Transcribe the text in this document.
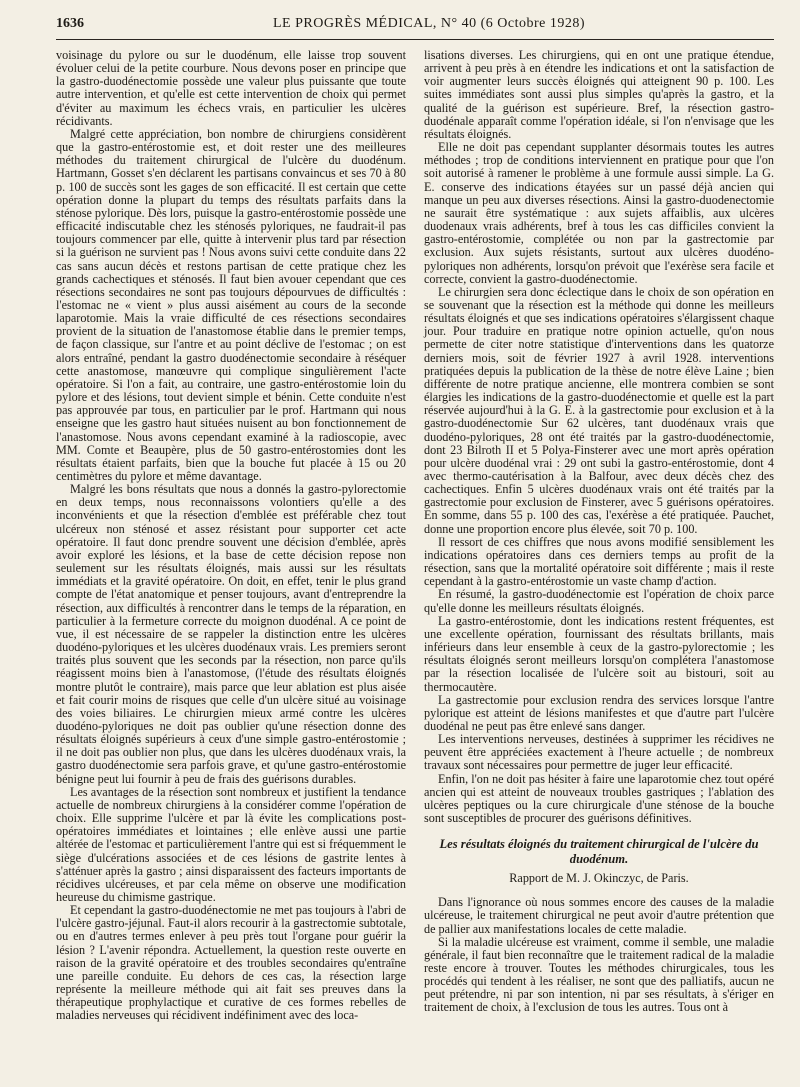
1636	LE PROGRÈS MÉDICAL, N° 40 (6 Octobre 1928)

voisinage du pylore ou sur le duodénum, elle laisse trop souvent évoluer celui de la petite courbure. Nous devons poser en principe que la gastro-duodénectomie possède une valeur plus puissante que toute autre intervention, et qu'elle est cette intervention de choix qui permet d'éviter au maximum les échecs vrais, en particulier les ulcères récidivants.

Malgré cette appréciation, bon nombre de chirurgiens considèrent que la gastro-entérostomie est, et doit rester une des meilleures méthodes du traitement chirurgical de l'ulcère du duodénum. Hartmann, Gosset s'en déclarent les partisans convaincus et ses 70 à 80 p. 100 de succès sont les gages de son efficacité. Il est certain que cette opération donne la plupart du temps des résultats parfaits dans la sténose pylorique. Dès lors, puisque la gastro-entérostomie possède une efficacité indiscutable chez les sténosés pyloriques, ne faudrait-il pas toujours commencer par elle, quitte à intervenir plus tard par résection si la guérison ne survient pas ! Nous avons suivi cette conduite dans 22 cas sans aucun décès et restons partisan de cette pratique chez les grands cachectiques et sténosés. Il faut bien avouer cependant que ces résections secondaires ne sont pas toujours dépourvues de difficultés : l'estomac ne « vient » plus aussi aisément au cours de la seconde laparotomie. Mais la vraie difficulté de ces résections secondaires provient de la situation de l'anastomose établie dans le premier temps, de façon classique, sur l'antre et au point déclive de l'estomac ; on est alors entraîné, pendant la gastro duodénectomie secondaire à réséquer cette anastomose, manœuvre qui complique singulièrement l'acte opératoire. Si l'on a fait, au contraire, une gastro-entérostomie loin du pylore et des lésions, tout devient simple et bénin. Cette conduite n'est pas approuvée par tous, en particulier par le prof. Hartmann qui nous enseigne que les gastro haut situées nuisent au bon fonctionnement de l'anastomose. Nous avons cependant examiné à la radioscopie, avec MM. Comte et Beaupère, plus de 50 gastro-entérostomies dont les résultats étaient parfaits, bien que la bouche fut placée à 15 ou 20 centimètres du pylore et même davantage.

Malgré les bons résultats que nous a donnés la gastro-pylorectomie en deux temps, nous reconnaissons volontiers qu'elle a des inconvénients et que la résection d'emblée est préférable chez tout ulcéreux non sténosé et assez résistant pour supporter cet acte opératoire. Il faut donc prendre souvent une décision d'emblée, après avoir exploré les lésions, et la base de cette décision repose non seulement sur les résultats éloignés, mais aussi sur les résultats immédiats et la gravité opératoire. On doit, en effet, tenir le plus grand compte de l'état anatomique et penser toujours, avant d'entreprendre la résection, aux difficultés à rencontrer dans le temps de la réparation, en particulier à la fermeture correcte du moignon duodénal. A ce point de vue, il est nécessaire de se rappeler la distinction entre les ulcères duodéno-pyloriques et les ulcères duodénaux vrais. Les premiers seront traités plus souvent que les seconds par la résection, non parce qu'ils réagissent moins bien à l'anastomose, (l'étude des résultats éloignés montre plutôt le contraire), mais parce que leur ablation est plus aisée et fait courir moins de risques que celle d'un ulcère situé au voisinage des voies biliaires. Le chirurgien mieux armé contre les ulcères duodéno-pyloriques ne doit pas oublier qu'une résection donne des résultats éloignés supérieurs à ceux d'une simple gastro-entérostomie ; il ne doit pas oublier non plus, que dans les ulcères duodénaux vrais, la gastro duodénectomie sera parfois grave, et qu'une gastro-entérostomie bénigne peut lui fournir à peu de frais des guérisons durables.

Les avantages de la résection sont nombreux et justifient la tendance actuelle de nombreux chirurgiens à la considérer comme l'opération de choix. Elle supprime l'ulcère et par là évite les complications post-opératoires immédiates et lointaines ; elle enlève aussi une partie altérée de l'estomac et particulièrement l'antre qui est si fréquemment le siège d'ulcérations associées et de ces lésions de gastrite lentes à s'atténuer après la gastro ; ainsi disparaissent des facteurs importants de récidives ulcéreuses, et par cela même on observe une modification heureuse du chimisme gastrique.

Et cependant la gastro-duodénectomie ne met pas toujours à l'abri de l'ulcère gastro-jéjunal. Faut-il alors recourir à la gastrectomie subtotale, ou en d'autres termes enlever à peu près tout l'organe pour guérir la lésion ? L'avenir répondra. Actuellement, la question reste ouverte en raison de la gravité opératoire et des troubles secondaires qu'entraîne une pareille conduite. Eu dehors de ces cas, la résection large représente la meilleure méthode qui ait fait ses preuves dans la thérapeutique prophylactique et curative de ces formes rebelles de maladies nerveuses qui récidivent indéfiniment avec des loca-

lisations diverses. Les chirurgiens, qui en ont une pratique étendue, arrivent à peu près à en étendre les indications et ont la satisfaction de voir augmenter leurs succès éloignés qui atteignent 90 p. 100. Les suites immédiates sont aussi plus simples qu'après la gastro, et la qualité de la guérison est supérieure. Bref, la résection gastro-duodénale apparaît comme l'opération idéale, si l'on n'envisage que les résultats éloignés.

Elle ne doit pas cependant supplanter désormais toutes les autres méthodes ; trop de conditions interviennent en pratique pour que l'on soit autorisé à ramener le problème à une formule aussi simple. La G. E. conserve des indications étayées sur un passé déjà ancien qui manque un peu aux diverses résections. Ainsi la gastro-duodenectomie ne saurait être systématique : aux sujets affaiblis, aux ulcères duodenaux vrais adhérents, bref à tous les cas difficiles convient la gastro-entérostomie, complétée ou non par la gastrectomie par exclusion. Aux sujets résistants, surtout aux ulcères duodéno-pyloriques non adhérents, lorsqu'on prévoit que l'exérèse sera facile et correcte, convient la gastro-duodénectomie.

Le chirurgien sera donc éclectique dans le choix de son opération en se souvenant que la résection est la méthode qui donne les meilleurs résultats éloignés et que ses indications opératoires s'élargissent chaque jour. Pour traduire en pratique notre opinion actuelle, qu'on nous permette de citer notre statistique d'interventions dans les quatorze derniers mois, soit de février 1927 à avril 1928. interventions pratiquées depuis la publication de la thèse de notre élève Laine ; bien différente de notre pratique ancienne, elle montrera combien se sont élargies les indications de la gastro-duodénectomie et quelle est la part réservée aujourd'hui à la G. E. à la gastrectomie pour exclusion et à la gastro-duodénectomie Sur 62 ulcères, tant duodénaux vrais que duodéno-pyloriques, 28 ont été traités par la gastro-duodénectomie, dont 23 Bilroth II et 5 Polya-Finsterer avec une mort après opération pour ulcère duodénal vrai : 29 ont subi la gastro-entérostomie, dont 4 avec thermo-cautérisation à la Balfour, avec deux décès chez des cachectiques. Enfin 5 ulcères duodénaux vrais ont été traités par la gastrectomie pour exclusion de Finsterer, avec 5 guérisons opératoires. En somme, dans 55 p. 100 des cas, l'exérèse a été pratiquée. Pauchet, donne une proportion encore plus élevée, soit 70 p. 100.

Il ressort de ces chiffres que nous avons modifié sensiblement les indications opératoires dans ces derniers temps au profit de la résection, sans que la mortalité opératoire soit différente ; mais il reste cependant à la gastro-entérostomie un vaste champ d'action.

En résumé, la gastro-duodénectomie est l'opération de choix parce qu'elle donne les meilleurs résultats éloignés.

La gastro-entérostomie, dont les indications restent fréquentes, est une excellente opération, fournissant des résultats brillants, mais inférieurs dans leur ensemble à ceux de la gastro-pylorectomie ; les résultats éloignés seront meilleurs lorsqu'on complétera l'anastomose par la résection localisée de l'ulcère soit au bistouri, soit au thermocautère.

La gastrectomie pour exclusion rendra des services lorsque l'antre pylorique est atteint de lésions manifestes et que d'autre part l'ulcère duodénal ne peut pas être enlevé sans danger.

Les interventions nerveuses, destinées à supprimer les récidives ne peuvent être appréciées exactement à l'heure actuelle ; de nombreux travaux sont nécessaires pour permettre de juger leur efficacité.

Enfin, l'on ne doit pas hésiter à faire une laparotomie chez tout opéré ancien qui est atteint de nouveaux troubles gastriques ; l'ablation des ulcères peptiques ou la cure chirurgicale d'une sténose de la bouche sont susceptibles de procurer des guérisons définitives.

Les résultats éloignés du traitement chirurgical de l'ulcère du duodénum.
Rapport de M. J. Okinczyc, de Paris.

Dans l'ignorance où nous sommes encore des causes de la maladie ulcéreuse, le traitement chirurgical ne peut avoir d'autre prétention que de pallier aux manifestations locales de cette maladie.

Si la maladie ulcéreuse est vraiment, comme il semble, une maladie générale, il faut bien reconnaître que le traitement radical de la maladie reste encore à trouver. Toutes les méthodes chirurgicales, tous les procédés qui tendent à les réaliser, ne sont que des palliatifs, aucun ne peut prétendre, ni par son intention, ni par ses résultats, à s'ériger en traitement de choix, à l'exclusion de tous les autres. Tous ont à
